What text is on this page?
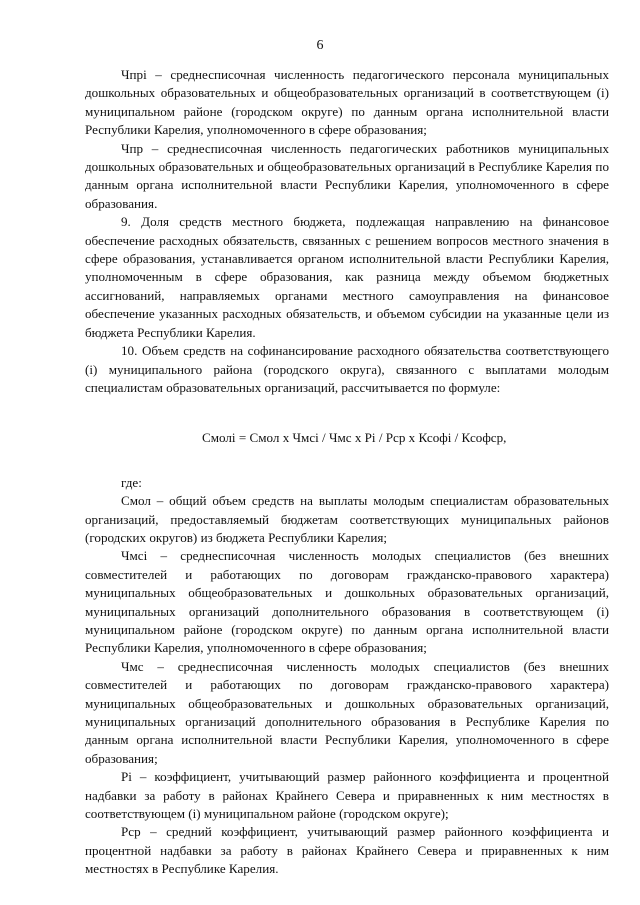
6

Чпрі – среднесписочная численность педагогического персонала муниципальных дошкольных образовательных и общеобразовательных организаций в соответствующем (і) муниципальном районе (городском округе) по данным органа исполнительной власти Республики Карелия, уполномоченного в сфере образования;

Чпр – среднесписочная численность педагогических работников муниципальных дошкольных образовательных и общеобразовательных организаций в Республике Карелия по данным органа исполнительной власти Республики Карелия, уполномоченного в сфере образования.

9. Доля средств местного бюджета, подлежащая направлению на финансовое обеспечение расходных обязательств, связанных с решением вопросов местного значения в сфере образования, устанавливается органом исполнительной власти Республики Карелия, уполномоченным в сфере образования, как разница между объемом бюджетных ассигнований, направляемых органами местного самоуправления на финансовое обеспечение указанных расходных обязательств, и объемом субсидии на указанные цели из бюджета Республики Карелия.

10. Объем средств на софинансирование расходного обязательства соответствующего (і) муниципального района (городского округа), связанного с выплатами молодым специалистам образовательных организаций, рассчитывается по формуле:

Смолі = Смол x Чмсі / Чмс x Рі / Рср x Ксофі / Ксофср,

где:

Смол – общий объем средств на выплаты молодым специалистам образовательных организаций, предоставляемый бюджетам соответствующих муниципальных районов (городских округов) из бюджета Республики Карелия;

Чмсі – среднесписочная численность молодых специалистов (без внешних совместителей и работающих по договорам гражданско-правового характера) муниципальных общеобразовательных и дошкольных образовательных организаций, муниципальных организаций дополнительного образования в соответствующем (і) муниципальном районе (городском округе) по данным органа исполнительной власти Республики Карелия, уполномоченного в сфере образования;

Чмс – среднесписочная численность молодых специалистов (без внешних совместителей и работающих по договорам гражданско-правового характера) муниципальных общеобразовательных и дошкольных образовательных организаций, муниципальных организаций дополнительного образования в Республике Карелия по данным органа исполнительной власти Республики Карелия, уполномоченного в сфере образования;

Рі – коэффициент, учитывающий размер районного коэффициента и процентной надбавки за работу в районах Крайнего Севера и приравненных к ним местностях в соответствующем (і) муниципальном районе (городском округе);

Рср – средний коэффициент, учитывающий размер районного коэффициента и процентной надбавки за работу в районах Крайнего Севера и приравненных к ним местностях в Республике Карелия.
